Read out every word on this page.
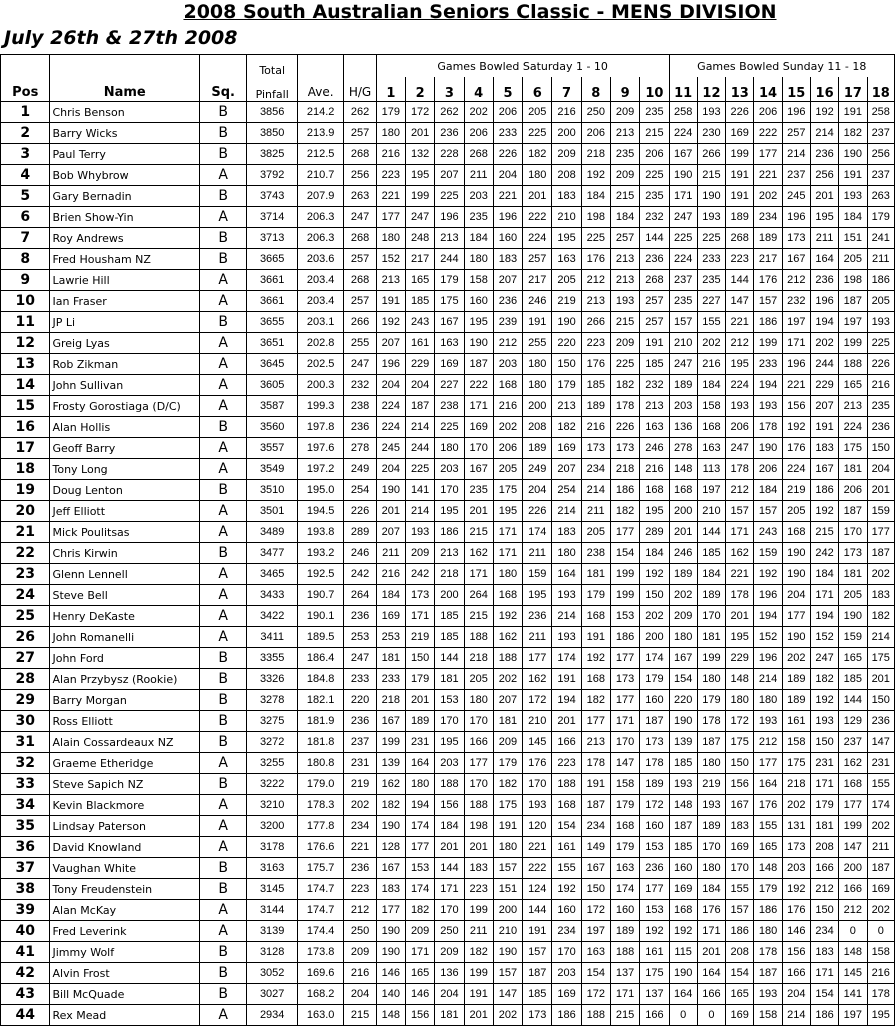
2008 South Australian Seniors Classic - MENS DIVISION
July 26th & 27th 2008
			Total			Games Bowled Saturday 1 - 10										Games Bowled Sunday 11 - 18							
Pos	Name	Sq.	Pinfall	Ave.	H/G	1	2	3	4	5	6	7	8	9	10	11	12	13	14	15	16	17	18
1	Chris Benson	B	3856	214.2	262	179	172	262	202	206	205	216	250	209	235	258	193	226	206	196	192	191	258
2	Barry Wicks	B	3850	213.9	257	180	201	236	206	233	225	200	206	213	215	224	230	169	222	257	214	182	237
3	Paul Terry	B	3825	212.5	268	216	132	228	268	226	182	209	218	235	206	167	266	199	177	214	236	190	256
4	Bob Whybrow	A	3792	210.7	256	223	195	207	211	204	180	208	192	209	225	190	215	191	221	237	256	191	237
5	Gary Bernadin	B	3743	207.9	263	221	199	225	203	221	201	183	184	215	235	171	190	191	202	245	201	193	263
6	Brien Show-Yin	A	3714	206.3	247	177	247	196	235	196	222	210	198	184	232	247	193	189	234	196	195	184	179
7	Roy Andrews	B	3713	206.3	268	180	248	213	184	160	224	195	225	257	144	225	225	268	189	173	211	151	241
8	Fred Housham NZ	B	3665	203.6	257	152	217	244	180	183	257	163	176	213	236	224	233	223	217	167	164	205	211
9	Lawrie Hill	A	3661	203.4	268	213	165	179	158	207	217	205	212	213	268	237	235	144	176	212	236	198	186
10	Ian Fraser	A	3661	203.4	257	191	185	175	160	236	246	219	213	193	257	235	227	147	157	232	196	187	205
11	JP Li	B	3655	203.1	266	192	243	167	195	239	191	190	266	215	257	157	155	221	186	197	194	197	193
12	Greig Lyas	A	3651	202.8	255	207	161	163	190	212	255	220	223	209	191	210	202	212	199	171	202	199	225
13	Rob Zikman	A	3645	202.5	247	196	229	169	187	203	180	150	176	225	185	247	216	195	233	196	244	188	226
14	John Sullivan	A	3605	200.3	232	204	204	227	222	168	180	179	185	182	232	189	184	224	194	221	229	165	216
15	Frosty Gorostiaga (D/C)	A	3587	199.3	238	224	187	238	171	216	200	213	189	178	213	203	158	193	193	156	207	213	235
16	Alan Hollis	B	3560	197.8	236	224	214	225	169	202	208	182	216	226	163	136	168	206	178	192	191	224	236
17	Geoff Barry	A	3557	197.6	278	245	244	180	170	206	189	169	173	173	246	278	163	247	190	176	183	175	150
18	Tony Long	A	3549	197.2	249	204	225	203	167	205	249	207	234	218	216	148	113	178	206	224	167	181	204
19	Doug Lenton	B	3510	195.0	254	190	141	170	235	175	204	254	214	186	168	168	197	212	184	219	186	206	201
20	Jeff Elliott	A	3501	194.5	226	201	214	195	201	195	226	214	211	182	195	200	210	157	157	205	192	187	159
21	Mick Poulitsas	A	3489	193.8	289	207	193	186	215	171	174	183	205	177	289	201	144	171	243	168	215	170	177
22	Chris Kirwin	B	3477	193.2	246	211	209	213	162	171	211	180	238	154	184	246	185	162	159	190	242	173	187
23	Glenn Lennell	A	3465	192.5	242	216	242	218	171	180	159	164	181	199	192	189	184	221	192	190	184	181	202
24	Steve Bell	A	3433	190.7	264	184	173	200	264	168	195	193	179	199	150	202	189	178	196	204	171	205	183
25	Henry DeKaste	A	3422	190.1	236	169	171	185	215	192	236	214	168	153	202	209	170	201	194	177	194	190	182
26	John Romanelli	A	3411	189.5	253	253	219	185	188	162	211	193	191	186	200	180	181	195	152	190	152	159	214
27	John Ford	B	3355	186.4	247	181	150	144	218	188	177	174	192	177	174	167	199	229	196	202	247	165	175
28	Alan Przybysz (Rookie)	B	3326	184.8	233	233	179	181	205	202	162	191	168	173	179	154	180	148	214	189	182	185	201
29	Barry Morgan	B	3278	182.1	220	218	201	153	180	207	172	194	182	177	160	220	179	180	180	189	192	144	150
30	Ross Elliott	B	3275	181.9	236	167	189	170	170	181	210	201	177	171	187	190	178	172	193	161	193	129	236
31	Alain Cossardeaux NZ	B	3272	181.8	237	199	231	195	166	209	145	166	213	170	173	139	187	175	212	158	150	237	147
32	Graeme Etheridge	A	3255	180.8	231	139	164	203	177	179	176	223	178	147	178	185	180	150	177	175	231	162	231
33	Steve Sapich NZ	B	3222	179.0	219	162	180	188	170	182	170	188	191	158	189	193	219	156	164	218	171	168	155
34	Kevin Blackmore	A	3210	178.3	202	182	194	156	188	175	193	168	187	179	172	148	193	167	176	202	179	177	174
35	Lindsay Paterson	A	3200	177.8	234	190	174	184	198	191	120	154	234	168	160	187	189	183	155	131	181	199	202
36	David Knowland	A	3178	176.6	221	128	177	201	201	180	221	161	149	179	153	185	170	169	165	173	208	147	211
37	Vaughan White	B	3163	175.7	236	167	153	144	183	157	222	155	167	163	236	160	180	170	148	203	166	200	187
38	Tony Freudenstein	B	3145	174.7	223	183	174	171	223	151	124	192	150	174	177	169	184	155	179	192	212	166	169
39	Alan McKay	A	3144	174.7	212	177	182	170	199	200	144	160	172	160	153	168	176	157	186	176	150	212	202
40	Fred Leverink	A	3139	174.4	250	190	209	250	211	210	191	234	197	189	192	192	171	186	180	146	234	0	0
41	Jimmy Wolf	B	3128	173.8	209	190	171	209	182	190	157	170	163	188	161	115	201	208	178	156	183	148	158
42	Alvin Frost	B	3052	169.6	216	146	165	136	199	157	187	203	154	137	175	190	164	154	187	166	171	145	216
43	Bill McQuade	B	3027	168.2	204	140	146	204	191	147	185	169	172	171	137	164	166	165	193	204	154	141	178
44	Rex Mead	A	2934	163.0	215	148	156	181	201	202	173	186	188	215	166	0	0	169	158	214	186	197	195
